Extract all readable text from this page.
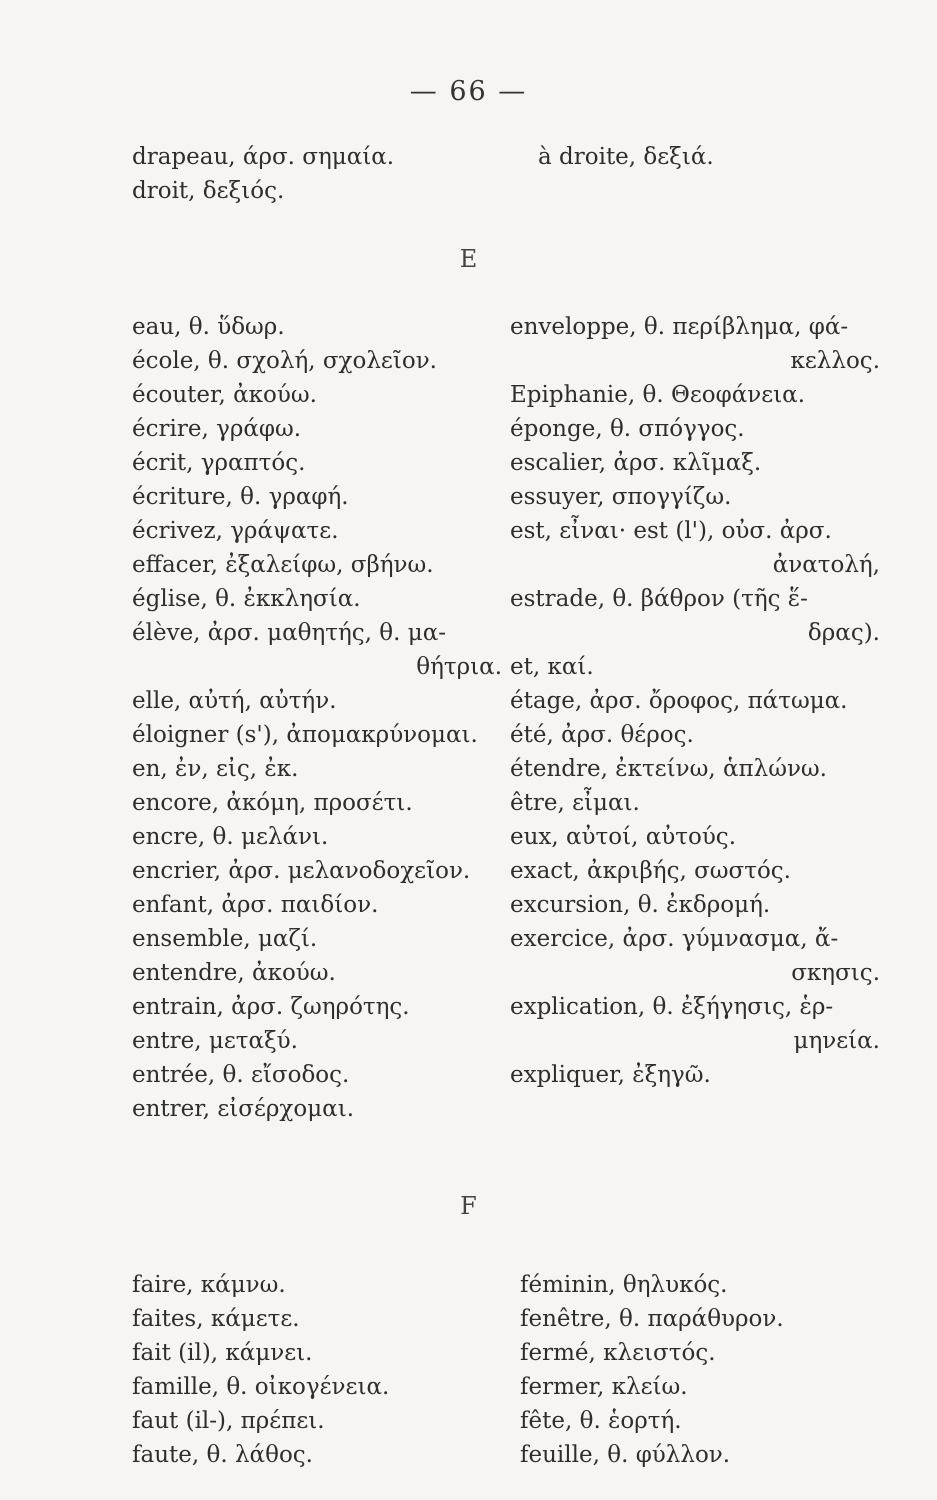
— 66 —

drapeau, άρσ. σημαία.

droit, δεξιός.

à droite, δεξιά.

E

eau, θ. ὕδωρ.

école, θ. σχολή, σχολεῖον.

écouter, ἀκούω.

écrire, γράφω.

écrit, γραπτός.

écriture, θ. γραφή.

écrivez, γράψατε.

effacer, ἐξαλείφω, σβήνω.

église, θ. ἐκκλησία.

élève, ἀρσ. μαθητής, θ. μα-

θήτρια.

elle, αὐτή, αὐτήν.

éloigner (s'), ἀπομακρύνομαι.

en, ἐν, εἰς, ἐκ.

encore, ἀκόμη, προσέτι.

encre, θ. μελάνι.

encrier, ἀρσ. μελανοδοχεῖον.

enfant, ἀρσ. παιδίον.

ensemble, μαζί.

entendre, ἀκούω.

entrain, ἀρσ. ζωηρότης.

entre, μεταξύ.

entrée, θ. εἴσοδος.

entrer, εἰσέρχομαι.

enveloppe, θ. περίβλημα, φά-

κελλος.

Epiphanie, θ. Θεοφάνεια.

éponge, θ. σπόγγος.

escalier, ἀρσ. κλῖμαξ.

essuyer, σπογγίζω.

est, εἶναι· est (l'), οὐσ. ἀρσ.

ἀνατολή,

estrade, θ. βάθρον (τῆς ἕ-

δρας).

et, καί.

étage, ἀρσ. ὄροφος, πάτωμα.

été, ἀρσ. θέρος.

étendre, ἐκτείνω, ἁπλώνω.

être, εἶμαι.

eux, αὐτοί, αὐτούς.

exact, ἀκριβής, σωστός.

excursion, θ. ἐκδρομή.

exercice, ἀρσ. γύμνασμα, ἄ-

σκησις.

explication, θ. ἐξήγησις, ἑρ-

μηνεία.

expliquer, ἐξηγῶ.

F

faire, κάμνω.

faites, κάμετε.

fait (il), κάμνει.

famille, θ. οἰκογένεια.

faut (il-), πρέπει.

faute, θ. λάθος.

féminin, θηλυκός.

fenêtre, θ. παράθυρον.

fermé, κλειστός.

fermer, κλείω.

fête, θ. ἑορτή.

feuille, θ. φύλλον.
